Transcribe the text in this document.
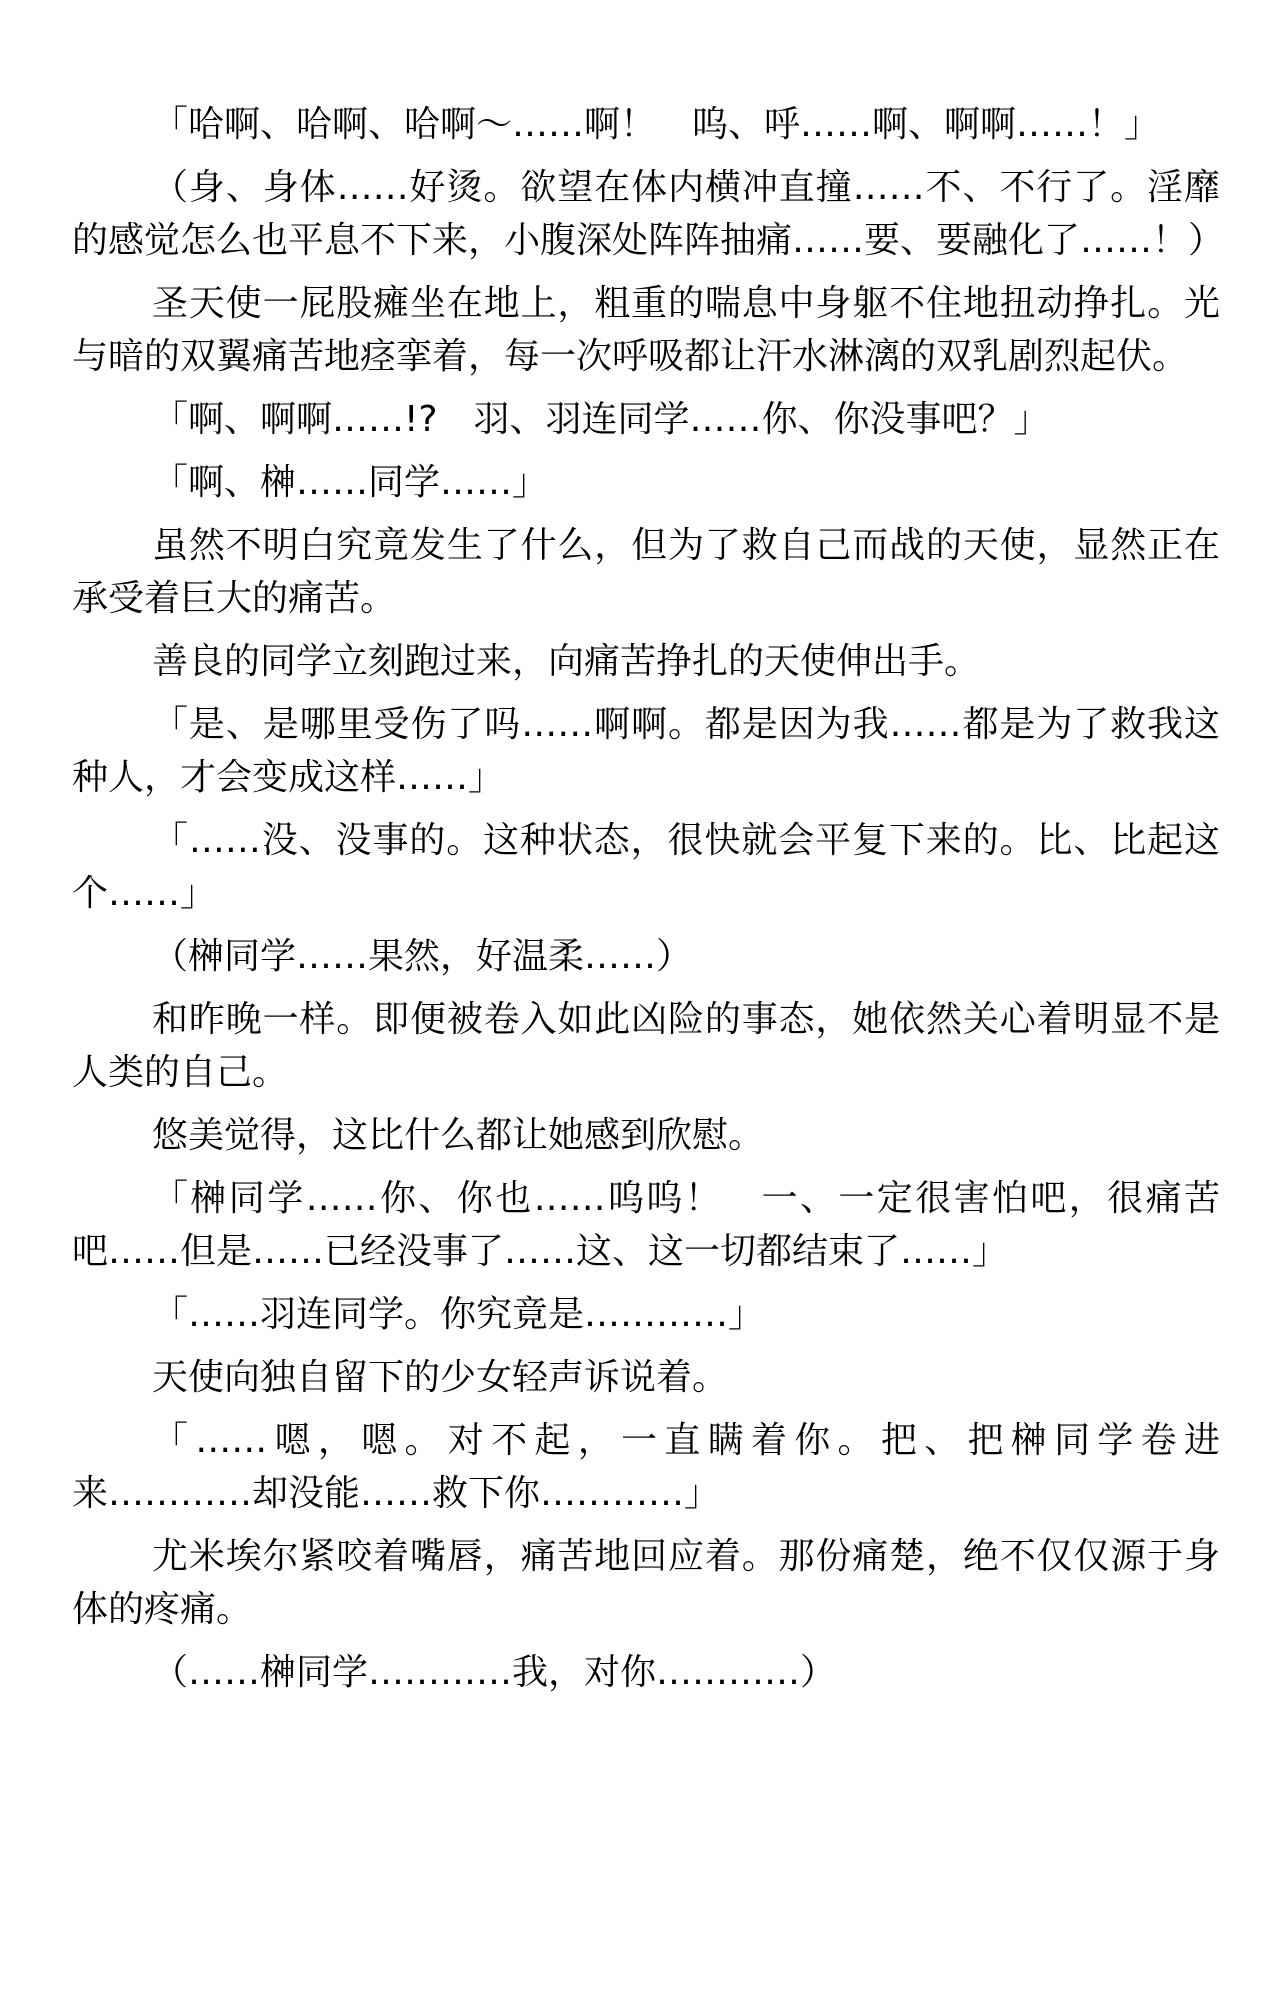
「哈啊、哈啊、哈啊～……啊！　呜、呼……啊、啊啊……！」

（身、身体……好烫。欲望在体内横冲直撞……不、不行了。淫靡的感觉怎么也平息不下来，小腹深处阵阵抽痛……要、要融化了……！）

圣天使一屁股瘫坐在地上，粗重的喘息中身躯不住地扭动挣扎。光与暗的双翼痛苦地痉挛着，每一次呼吸都让汗水淋漓的双乳剧烈起伏。

「啊、啊啊……!?　羽、羽连同学……你、你没事吧？」

「啊、榊……同学……」

虽然不明白究竟发生了什么，但为了救自己而战的天使，显然正在承受着巨大的痛苦。

善良的同学立刻跑过来，向痛苦挣扎的天使伸出手。

「是、是哪里受伤了吗……啊啊。都是因为我……都是为了救我这种人，才会变成这样……」

「……没、没事的。这种状态，很快就会平复下来的。比、比起这个……」

（榊同学……果然，好温柔……）

和昨晚一样。即便被卷入如此凶险的事态，她依然关心着明显不是人类的自己。

悠美觉得，这比什么都让她感到欣慰。

「榊同学……你、你也……呜呜！　一、一定很害怕吧，很痛苦吧……但是……已经没事了……这、这一切都结束了……」

「……羽连同学。你究竟是…………」

天使向独自留下的少女轻声诉说着。

「……嗯，嗯。对不起，一直瞒着你。把、把榊同学卷进来…………却没能……救下你…………」

尤米埃尔紧咬着嘴唇，痛苦地回应着。那份痛楚，绝不仅仅源于身体的疼痛。

（……榊同学…………我，对你…………）
